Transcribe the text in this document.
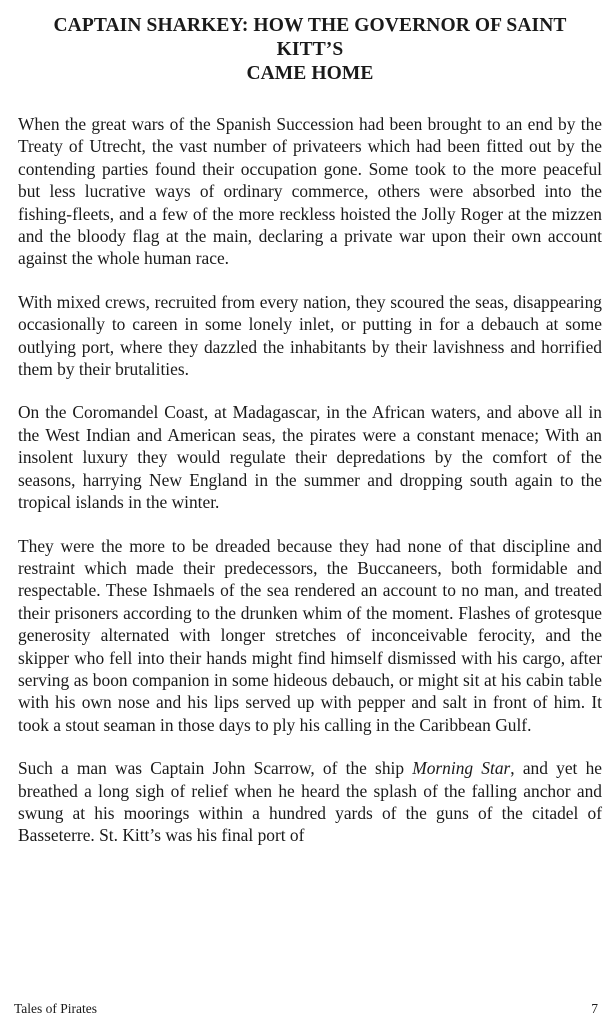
CAPTAIN SHARKEY: HOW THE GOVERNOR OF SAINT KITT’S
CAME HOME

When the great wars of the Spanish Succession had been brought to an end by the Treaty of Utrecht, the vast number of privateers which had been fitted out by the contending parties found their occupation gone. Some took to the more peaceful but less lucrative ways of ordinary commerce, others were absorbed into the fishing-fleets, and a few of the more reckless hoisted the Jolly Roger at the mizzen and the bloody flag at the main, declaring a private war upon their own account against the whole human race.

With mixed crews, recruited from every nation, they scoured the seas, disappearing occasionally to careen in some lonely inlet, or putting in for a debauch at some outlying port, where they dazzled the inhabitants by their lavishness and horrified them by their brutalities.

On the Coromandel Coast, at Madagascar, in the African waters, and above all in the West Indian and American seas, the pirates were a constant menace; With an insolent luxury they would regulate their depredations by the comfort of the seasons, harrying New England in the summer and dropping south again to the tropical islands in the winter.

They were the more to be dreaded because they had none of that discipline and restraint which made their predecessors, the Buccaneers, both formidable and respectable. These Ishmaels of the sea rendered an account to no man, and treated their prisoners according to the drunken whim of the moment. Flashes of grotesque generosity alternated with longer stretches of inconceivable ferocity, and the skipper who fell into their hands might find himself dismissed with his cargo, after serving as boon companion in some hideous debauch, or might sit at his cabin table with his own nose and his lips served up with pepper and salt in front of him. It took a stout seaman in those days to ply his calling in the Caribbean Gulf.

Such a man was Captain John Scarrow, of the ship Morning Star, and yet he breathed a long sigh of relief when he heard the splash of the falling anchor and swung at his moorings within a hundred yards of the guns of the citadel of Basseterre. St. Kitt’s was his final port of

Tales of Pirates	7
